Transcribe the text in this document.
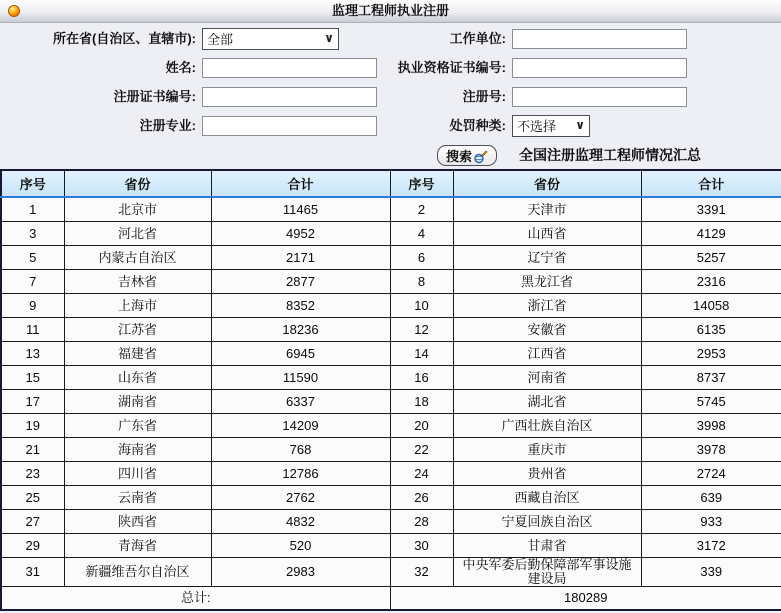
监理工程师执业注册
所在省(自治区、直辖市):
全部	∨	工作单位:
姓名:	执业资格证书编号:
注册证书编号:	注册号:
注册专业:	处罚种类:
不选择	∨
搜索	全国注册监理工程师情况汇总
序号	省份	合计	序号	省份	合计
1	北京市	11465	2	天津市	3391
3	河北省	4952	4	山西省	4129
5	内蒙古自治区	2171	6	辽宁省	5257
7	吉林省	2877	8	黑龙江省	2316
9	上海市	8352	10	浙江省	14058
11	江苏省	18236	12	安徽省	6135
13	福建省	6945	14	江西省	2953
15	山东省	11590	16	河南省	8737
17	湖南省	6337	18	湖北省	5745
19	广东省	14209	20	广西壮族自治区	3998
21	海南省	768	22	重庆市	3978
23	四川省	12786	24	贵州省	2724
25	云南省	2762	26	西藏自治区	639
27	陕西省	4832	28	宁夏回族自治区	933
29	青海省	520	30	甘肃省	3172
31	新疆维吾尔自治区	2983	32	中央军委后勤保障部军事设施建设局	339
总计:			180289		
